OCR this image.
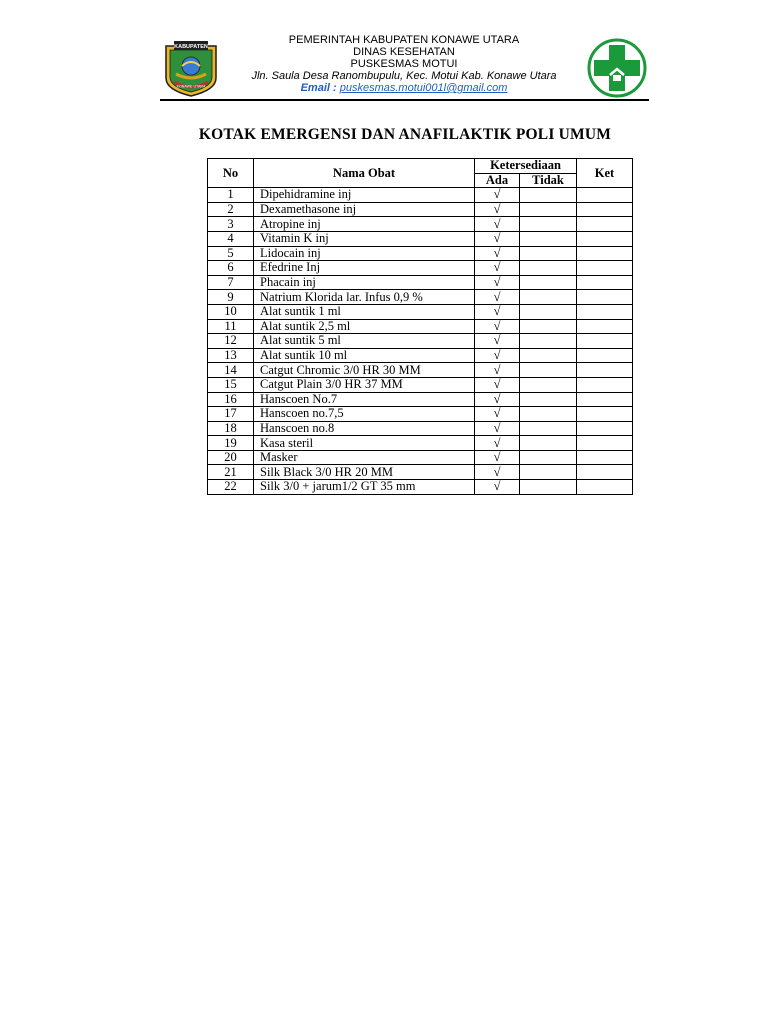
KABUPATEN
KONAWE UTARA
PEMERINTAH KABUPATEN KONAWE UTARA
DINAS KESEHATAN
PUSKESMAS MOTUI
Jln. Saula Desa Ranombupulu, Kec. Motui Kab. Konawe Utara
Email : puskesmas.motui001l@gmail.com
KOTAK EMERGENSI DAN ANAFILAKTIK POLI UMUM
No	Nama Obat	Ketersediaan		Ket
		Ada	Tidak	
1	Dipehidramine inj	√		
2	Dexamethasone inj	√		
3	Atropine inj	√		
4	Vitamin K inj	√		
5	Lidocain inj	√		
6	Efedrine Inj	√		
7	Phacain inj	√		
9	Natrium Klorida lar. Infus 0,9 %	√		
10	Alat suntik 1 ml	√		
11	Alat suntik 2,5 ml	√		
12	Alat suntik 5 ml	√		
13	Alat suntik 10 ml	√		
14	Catgut Chromic 3/0 HR 30 MM	√		
15	Catgut Plain 3/0 HR 37 MM	√		
16	Hanscoen No.7	√		
17	Hanscoen no.7,5	√		
18	Hanscoen no.8	√		
19	Kasa steril	√		
20	Masker	√		
21	Silk Black 3/0 HR 20 MM	√		
22	Silk 3/0 + jarum1/2 GT 35 mm	√		
